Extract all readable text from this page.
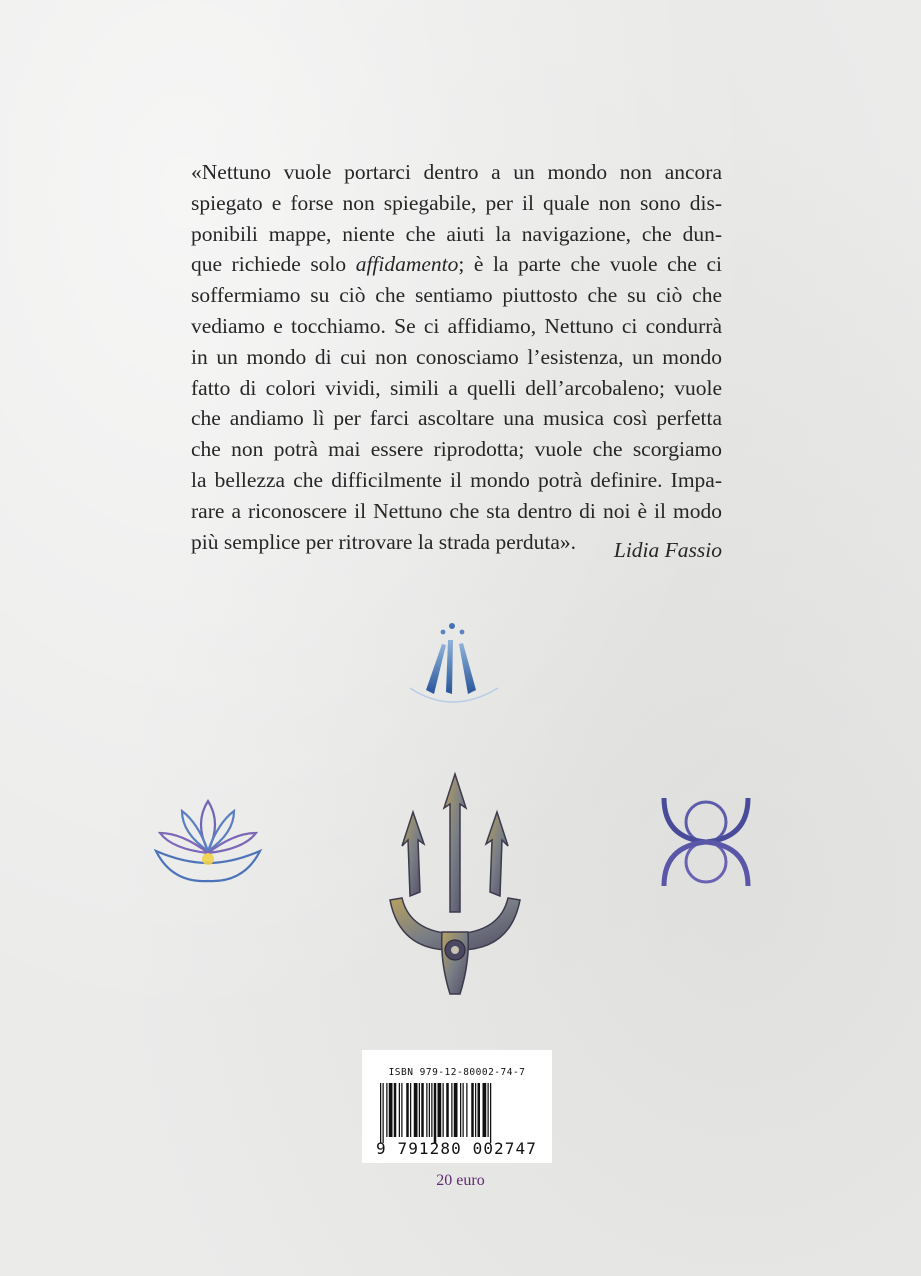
«Nettuno vuole portarci dentro a un mondo non ancora
spiegato e forse non spiegabile, per il quale non sono dis-
ponibili mappe, niente che aiuti la navigazione, che dun-
que richiede solo affidamento; è la parte che vuole che ci
soffermiamo su ciò che sentiamo piuttosto che su ciò che
vediamo e tocchiamo. Se ci affidiamo, Nettuno ci condurrà
in un mondo di cui non conosciamo l’esistenza, un mondo
fatto di colori vividi, simili a quelli dell’arcobaleno; vuole
che andiamo lì per farci ascoltare una musica così perfetta
che non potrà mai essere riprodotta; vuole che scorgiamo
la bellezza che difficilmente il mondo potrà definire. Impa-
rare a riconoscere il Nettuno che sta dentro di noi è il modo
più semplice per ritrovare la strada perduta».	Lidia Fassio
ISBN 979-12-80002-74-7
9 791280 002747
20 euro
